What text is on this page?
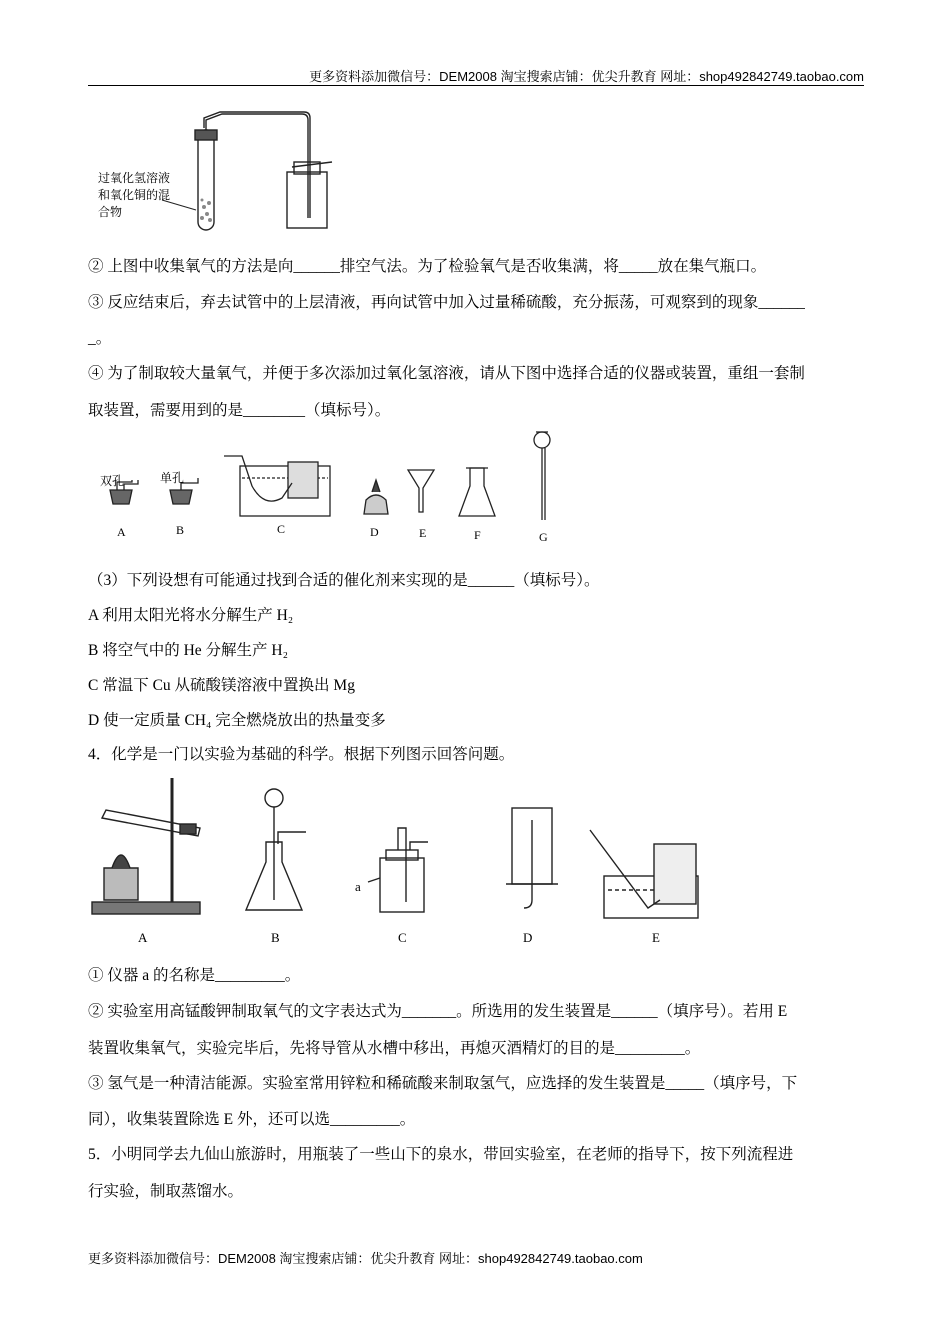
更多资料添加微信号：DEM2008 淘宝搜索店铺：优尖升教育 网址：shop492842749.taobao.com
过氧化氢溶液
和氧化铜的混
合物
② 上图中收集氧气的方法是向______排空气法。为了检验氧气是否收集满，将_____放在集气瓶口。
③ 反应结束后，弃去试管中的上层清液，再向试管中加入过量稀硫酸，充分振荡，可观察到的现象______
_。
④ 为了制取较大量氧气，并便于多次添加过氧化氢溶液，请从下图中选择合适的仪器或装置，重组一套制
取装置，需要用到的是________（填标号）。
双孔	单孔
A	B	C	D	E	F	G
（3）下列设想有可能通过找到合适的催化剂来实现的是______（填标号）。
A 利用太阳光将水分解生产 H₂
B 将空气中的 He 分解生产 H₂
C 常温下 Cu 从硫酸镁溶液中置换出 Mg
D 使一定质量 CH₄ 完全燃烧放出的热量变多
4．化学是一门以实验为基础的科学。根据下列图示回答问题。
a
A	B	C	D	E
① 仪器 a 的名称是_________。
② 实验室用高锰酸钾制取氧气的文字表达式为_______。所选用的发生装置是______（填序号）。若用 E
装置收集氧气，实验完毕后，先将导管从水槽中移出，再熄灭酒精灯的目的是_________。
③ 氢气是一种清洁能源。实验室常用锌粒和稀硫酸来制取氢气，应选择的发生装置是_____（填序号，下
同），收集装置除选 E 外，还可以选_________。
5．小明同学去九仙山旅游时，用瓶装了一些山下的泉水，带回实验室，在老师的指导下，按下列流程进
行实验，制取蒸馏水。
更多资料添加微信号：DEM2008 淘宝搜索店铺：优尖升教育 网址：shop492842749.taobao.com
